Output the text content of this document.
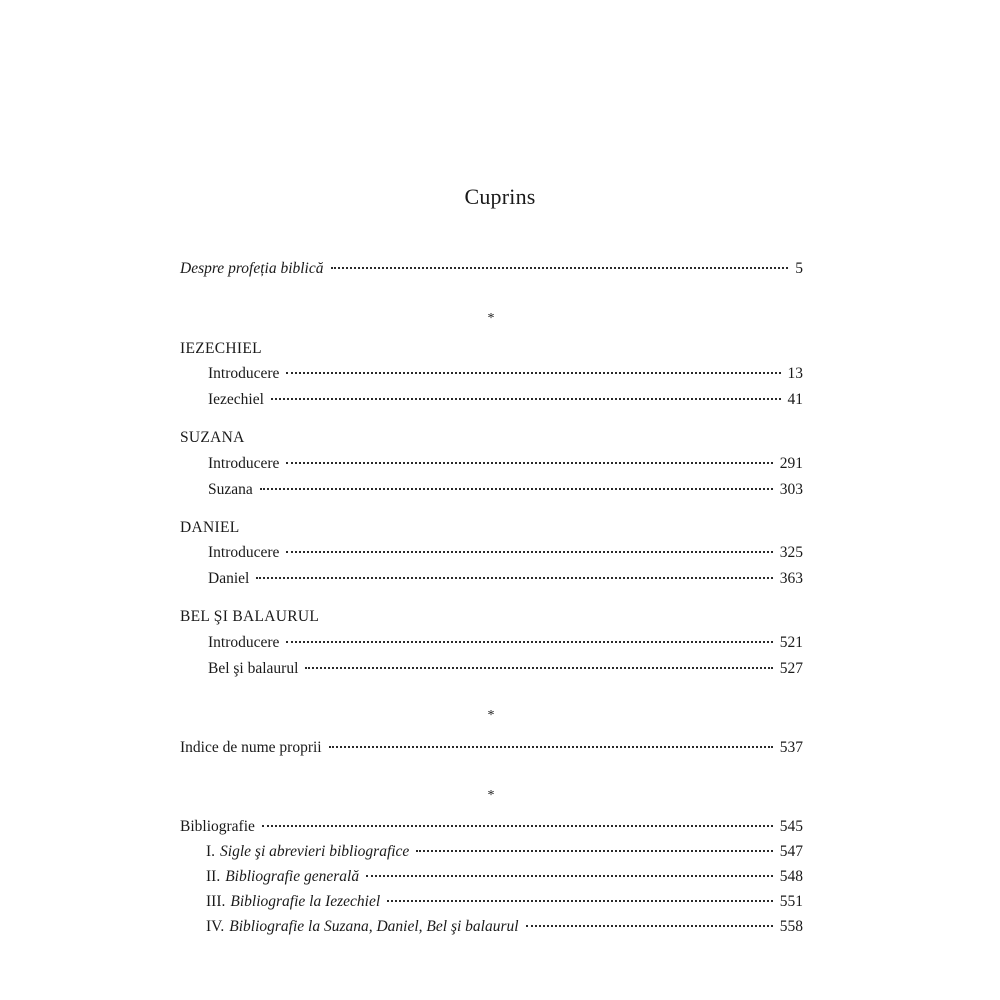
Cuprins
Despre profeția biblică	5
*
IEZECHIEL
Introducere	13
Iezechiel	41
SUZANA
Introducere	291
Suzana	303
DANIEL
Introducere	325
Daniel	363
BEL ŞI BALAURUL
Introducere	521
Bel şi balaurul	527
*
Indice de nume proprii	537
*
Bibliografie	545
I. Sigle şi abrevieri bibliografice	547
II. Bibliografie generală	548
III. Bibliografie la Iezechiel	551
IV. Bibliografie la Suzana, Daniel, Bel şi balaurul	558
